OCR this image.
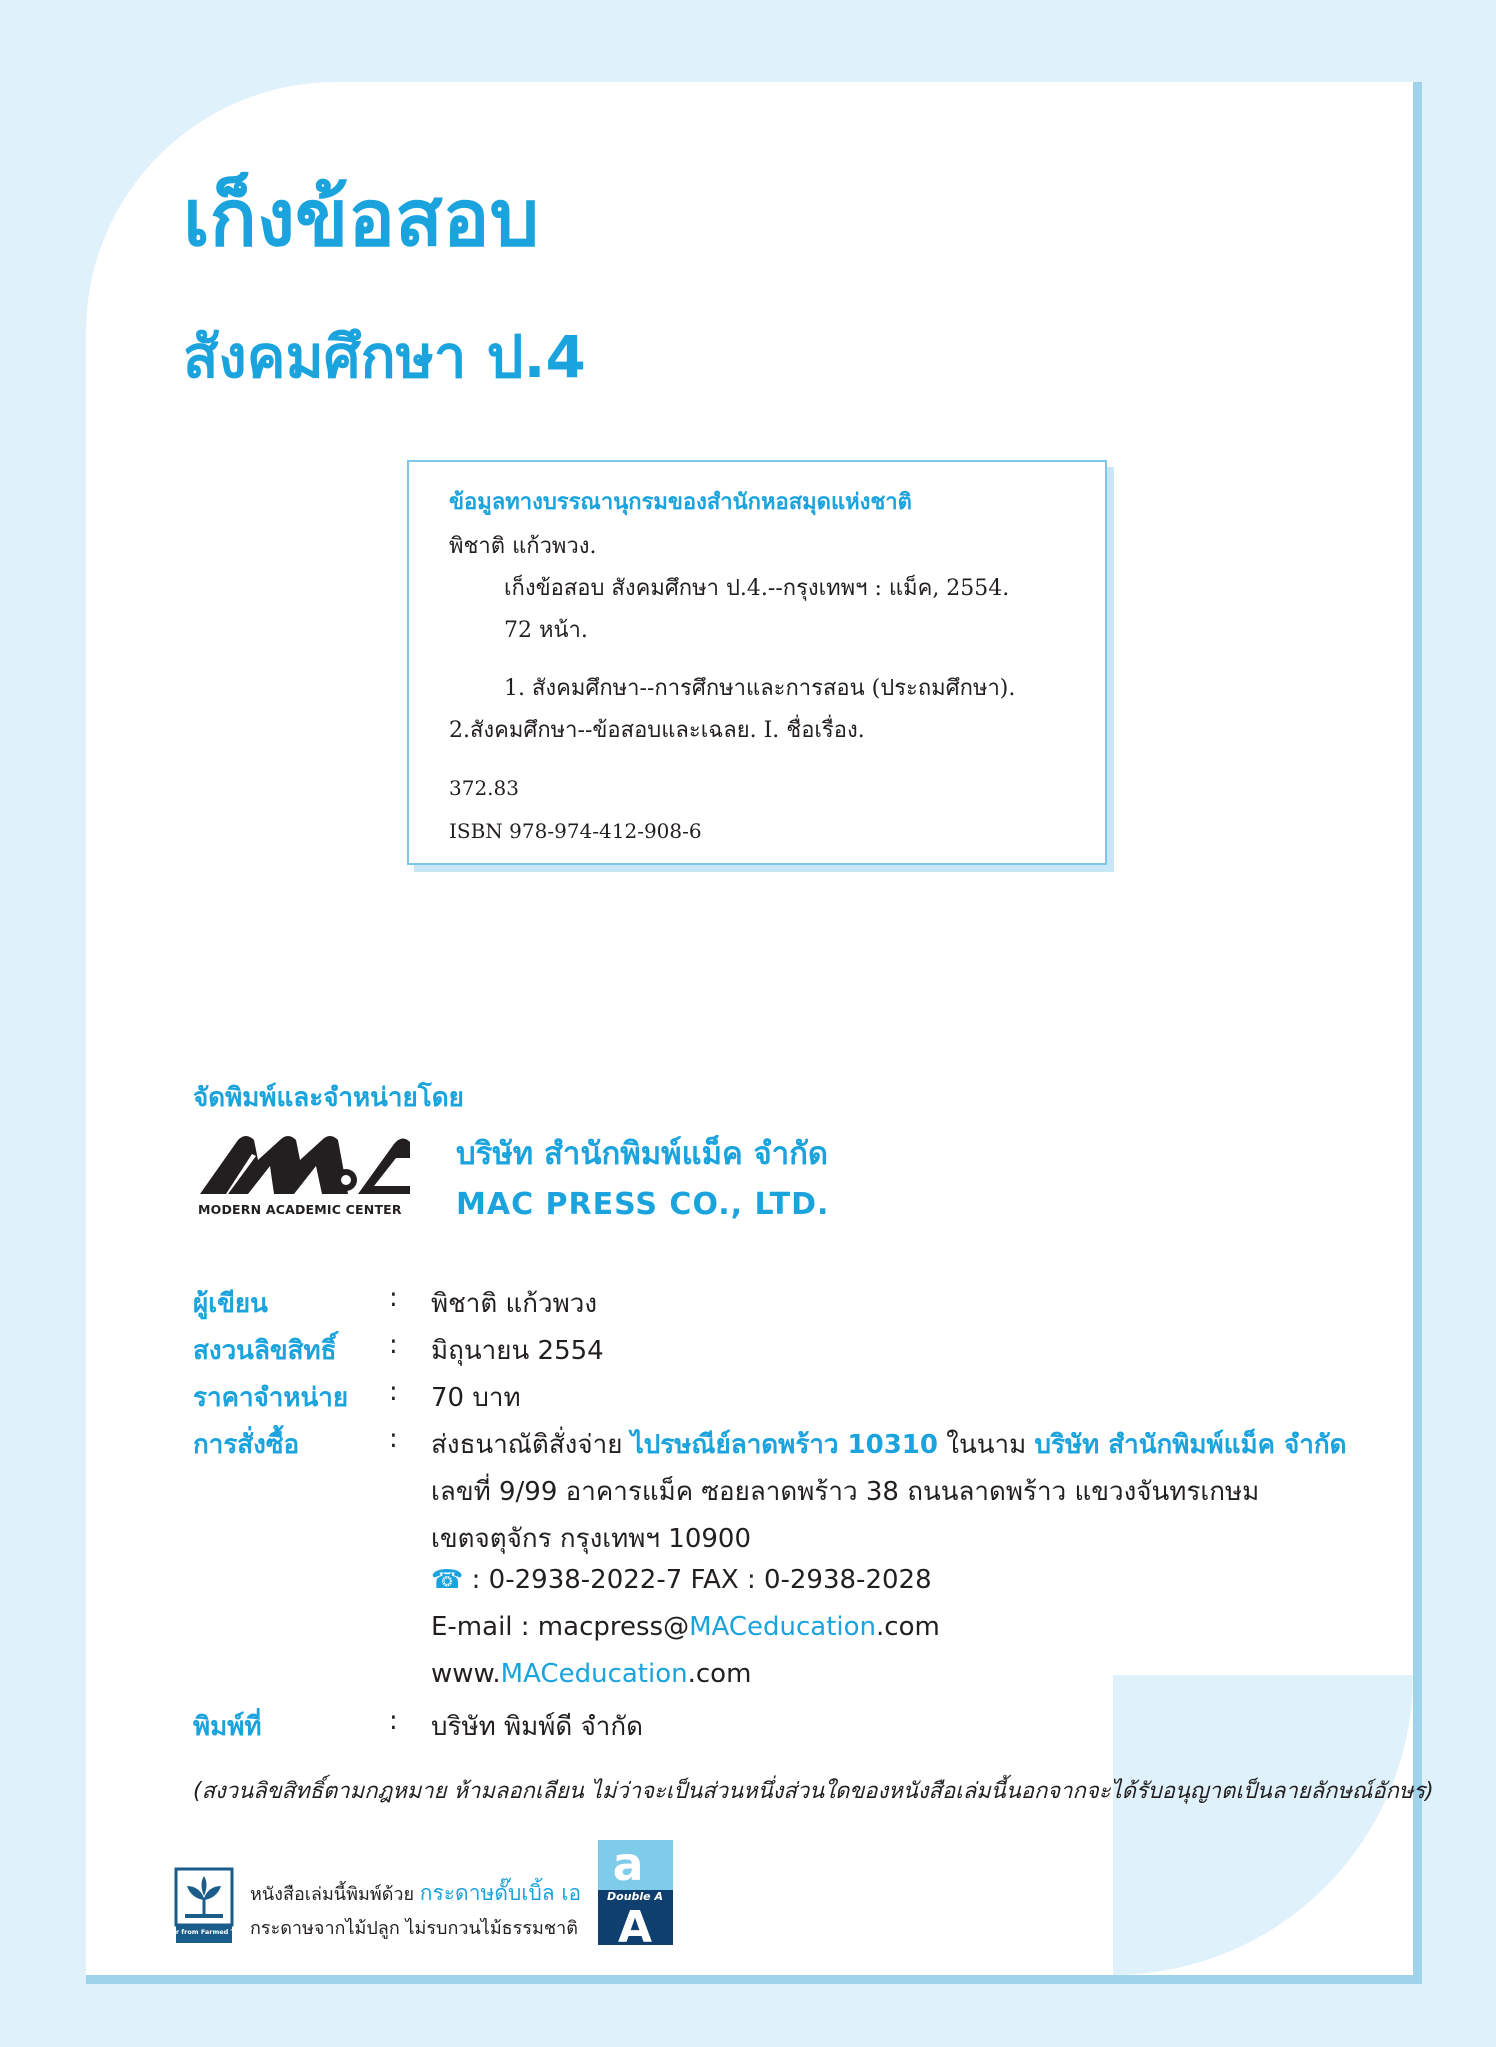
เก็งข้อสอบ
สังคมศึกษา ป.4
ข้อมูลทางบรรณานุกรมของสำนักหอสมุดแห่งชาติ
พิชาติ แก้วพวง.
เก็งข้อสอบ สังคมศึกษา ป.4.--กรุงเทพฯ : แม็ค, 2554.
72 หน้า.
1. สังคมศึกษา--การศึกษาและการสอน (ประถมศึกษา).
2.สังคมศึกษา--ข้อสอบและเฉลย. I. ชื่อเรื่อง.
372.83
ISBN 978-974-412-908-6
จัดพิมพ์และจำหน่ายโดย
MODERN ACADEMIC CENTER
บริษัท สำนักพิมพ์แม็ค จำกัด
MAC PRESS CO., LTD.
ผู้เขียน	: พิชาติ แก้วพวง
สงวนลิขสิทธิ์ : มิถุนายน 2554
ราคาจำหน่าย : 70 บาท
การสั่งซื้อ	: ส่งธนาณัติสั่งจ่าย ไปรษณีย์ลาดพร้าว 10310 ในนาม บริษัท สำนักพิมพ์แม็ค จำกัด
เลขที่ 9/99 อาคารแม็ค ซอยลาดพร้าว 38 ถนนลาดพร้าว แขวงจันทรเกษม
เขตจตุจักร กรุงเทพฯ 10900
☎ : 0-2938-2022-7 FAX : 0-2938-2028
E-mail : macpress@MACeducation.com
www.MACeducation.com
พิมพ์ที่	: บริษัท พิมพ์ดี จำกัด
(สงวนลิขสิทธิ์ตามกฎหมาย ห้ามลอกเลียน ไม่ว่าจะเป็นส่วนหนึ่งส่วนใดของหนังสือเล่มนี้นอกจากจะได้รับอนุญาตเป็นลายลักษณ์อักษร)
Paper from Farmed Trees
หนังสือเล่มนี้พิมพ์ด้วย กระดาษดั๊บเบิ้ล เอ
กระดาษจากไม้ปลูก ไม่รบกวนไม้ธรรมชาติ
a
Double A
A
